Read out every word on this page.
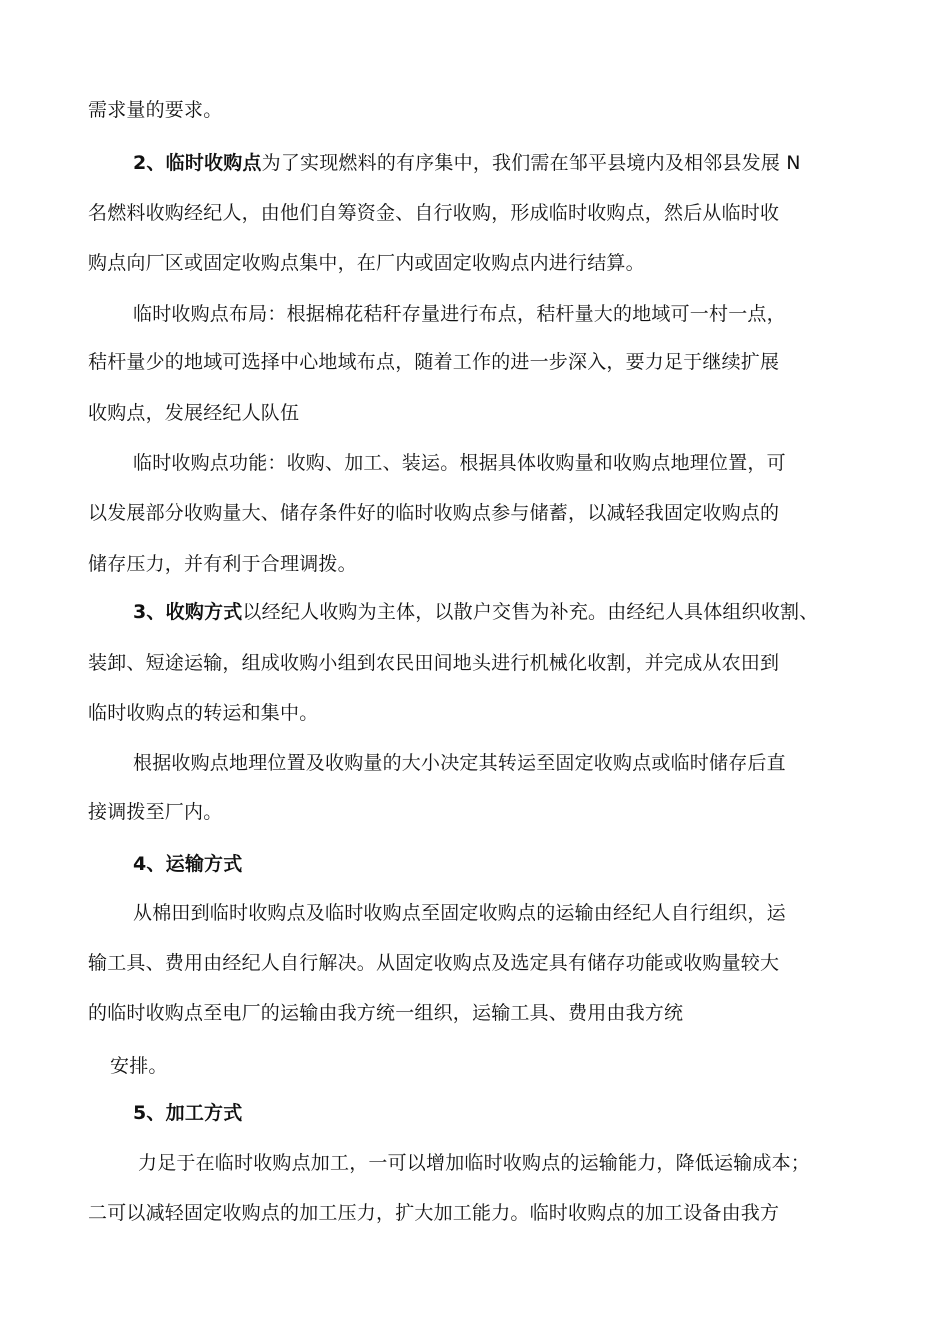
需求量的要求。
2、临时收购点为了实现燃料的有序集中，我们需在邹平县境内及相邻县发展 N
名燃料收购经纪人，由他们自筹资金、自行收购，形成临时收购点，然后从临时收
购点向厂区或固定收购点集中，在厂内或固定收购点内进行结算。
临时收购点布局：根据棉花秸秆存量进行布点，秸杆量大的地域可一村一点，
秸杆量少的地域可选择中心地域布点，随着工作的进一步深入，要力足于继续扩展
收购点，发展经纪人队伍
临时收购点功能：收购、加工、装运。根据具体收购量和收购点地理位置，可
以发展部分收购量大、储存条件好的临时收购点参与储蓄，以减轻我固定收购点的
储存压力，并有利于合理调拨。
3、收购方式以经纪人收购为主体，以散户交售为补充。由经纪人具体组织收割、
装卸、短途运输，组成收购小组到农民田间地头进行机械化收割，并完成从农田到
临时收购点的转运和集中。
根据收购点地理位置及收购量的大小决定其转运至固定收购点或临时储存后直
接调拨至厂内。
4、运输方式
从棉田到临时收购点及临时收购点至固定收购点的运输由经纪人自行组织，运
输工具、费用由经纪人自行解决。从固定收购点及选定具有储存功能或收购量较大
的临时收购点至电厂的运输由我方统一组织，运输工具、费用由我方统
安排。
5、加工方式
力足于在临时收购点加工，一可以增加临时收购点的运输能力，降低运输成本；
二可以减轻固定收购点的加工压力，扩大加工能力。临时收购点的加工设备由我方
